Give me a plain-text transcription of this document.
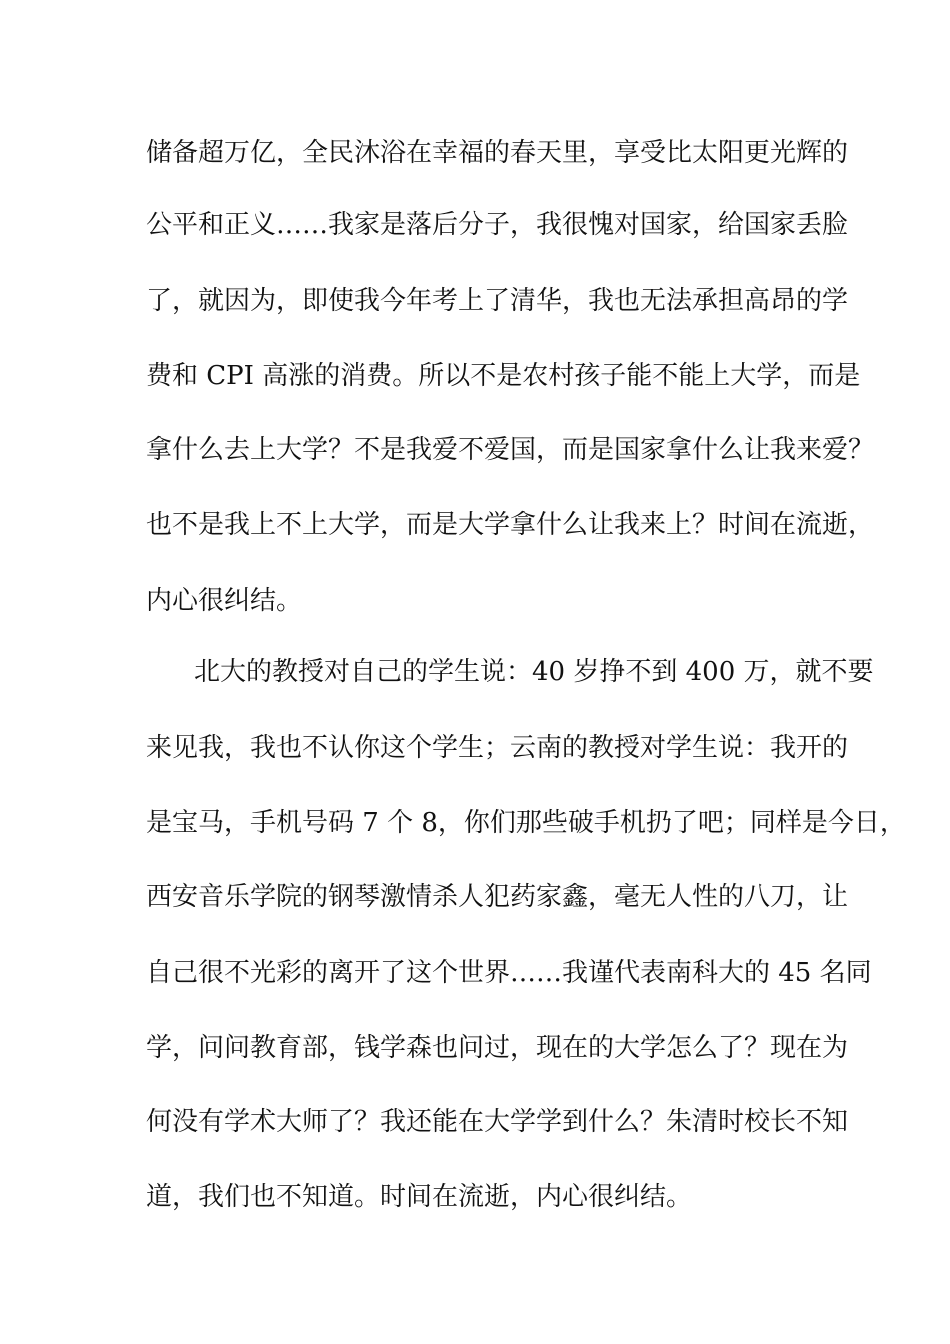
储备超万亿，全民沐浴在幸福的春天里，享受比太阳更光辉的
公平和正义……我家是落后分子，我很愧对国家，给国家丢脸
了，就因为，即使我今年考上了清华，我也无法承担高昂的学
费和 CPI 高涨的消费。所以不是农村孩子能不能上大学，而是
拿什么去上大学？不是我爱不爱国，而是国家拿什么让我来爱？
也不是我上不上大学，而是大学拿什么让我来上？时间在流逝，
内心很纠结。
北大的教授对自己的学生说：40 岁挣不到 400 万，就不要
来见我，我也不认你这个学生；云南的教授对学生说：我开的
是宝马，手机号码 7 个 8，你们那些破手机扔了吧；同样是今日，
西安音乐学院的钢琴激情杀人犯药家鑫，毫无人性的八刀，让
自己很不光彩的离开了这个世界……我谨代表南科大的 45 名同
学，问问教育部，钱学森也问过，现在的大学怎么了？现在为
何没有学术大师了？我还能在大学学到什么？朱清时校长不知
道，我们也不知道。时间在流逝，内心很纠结。
